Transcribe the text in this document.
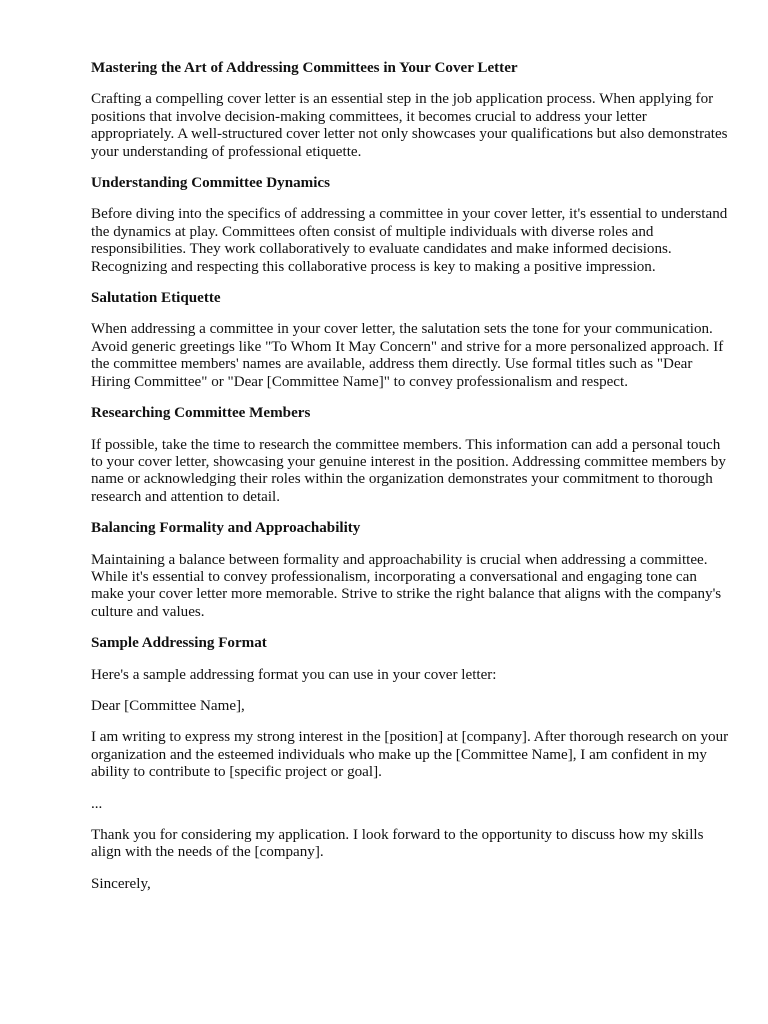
Mastering the Art of Addressing Committees in Your Cover Letter
Crafting a compelling cover letter is an essential step in the job application process. When applying for positions that involve decision-making committees, it becomes crucial to address your letter appropriately. A well-structured cover letter not only showcases your qualifications but also demonstrates your understanding of professional etiquette.
Understanding Committee Dynamics
Before diving into the specifics of addressing a committee in your cover letter, it's essential to understand the dynamics at play. Committees often consist of multiple individuals with diverse roles and responsibilities. They work collaboratively to evaluate candidates and make informed decisions. Recognizing and respecting this collaborative process is key to making a positive impression.
Salutation Etiquette
When addressing a committee in your cover letter, the salutation sets the tone for your communication. Avoid generic greetings like "To Whom It May Concern" and strive for a more personalized approach. If the committee members' names are available, address them directly. Use formal titles such as "Dear Hiring Committee" or "Dear [Committee Name]" to convey professionalism and respect.
Researching Committee Members
If possible, take the time to research the committee members. This information can add a personal touch to your cover letter, showcasing your genuine interest in the position. Addressing committee members by name or acknowledging their roles within the organization demonstrates your commitment to thorough research and attention to detail.
Balancing Formality and Approachability
Maintaining a balance between formality and approachability is crucial when addressing a committee. While it's essential to convey professionalism, incorporating a conversational and engaging tone can make your cover letter more memorable. Strive to strike the right balance that aligns with the company's culture and values.
Sample Addressing Format
Here's a sample addressing format you can use in your cover letter:
Dear [Committee Name],
I am writing to express my strong interest in the [position] at [company]. After thorough research on your organization and the esteemed individuals who make up the [Committee Name], I am confident in my ability to contribute to [specific project or goal].
...
Thank you for considering my application. I look forward to the opportunity to discuss how my skills align with the needs of the [company].
Sincerely,
